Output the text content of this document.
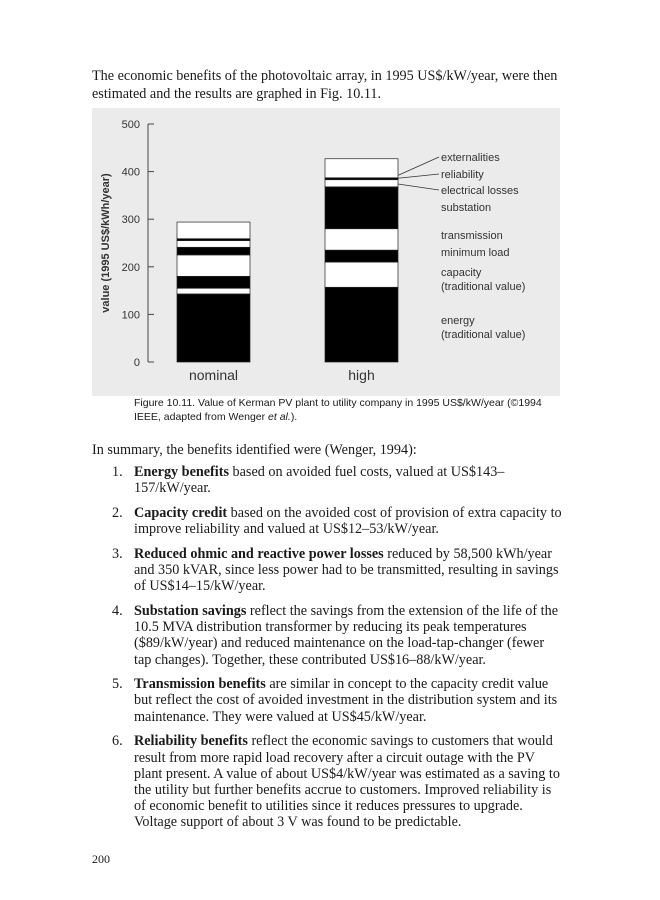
The economic benefits of the photovoltaic array, in 1995 US$/kW/year, were then estimated and the results are graphed in Fig. 10.11.

0
100
200
300
400
500
value (1995 US$/kWh/year)
nominal	high
externalities
reliability
electrical losses
substation
transmission
minimum load
capacity
(traditional value)
energy
(traditional value)

Figure 10.11. Value of Kerman PV plant to utility company in 1995 US$/kW/year (©1994 IEEE, adapted from Wenger et al.).

In summary, the benefits identified were (Wenger, 1994):

1. Energy benefits based on avoided fuel costs, valued at US$143–157/kW/year.
2. Capacity credit based on the avoided cost of provision of extra capacity to improve reliability and valued at US$12–53/kW/year.
3. Reduced ohmic and reactive power losses reduced by 58,500 kWh/year and 350 kVAR, since less power had to be transmitted, resulting in savings of US$14–15/kW/year.
4. Substation savings reflect the savings from the extension of the life of the 10.5 MVA distribution transformer by reducing its peak temperatures ($89/kW/year) and reduced maintenance on the load-tap-changer (fewer tap changes). Together, these contributed US$16–88/kW/year.
5. Transmission benefits are similar in concept to the capacity credit value but reflect the cost of avoided investment in the distribution system and its maintenance. They were valued at US$45/kW/year.
6. Reliability benefits reflect the economic savings to customers that would result from more rapid load recovery after a circuit outage with the PV plant present. A value of about US$4/kW/year was estimated as a saving to the utility but further benefits accrue to customers. Improved reliability is of economic benefit to utilities since it reduces pressures to upgrade. Voltage support of about 3 V was found to be predictable.

200
